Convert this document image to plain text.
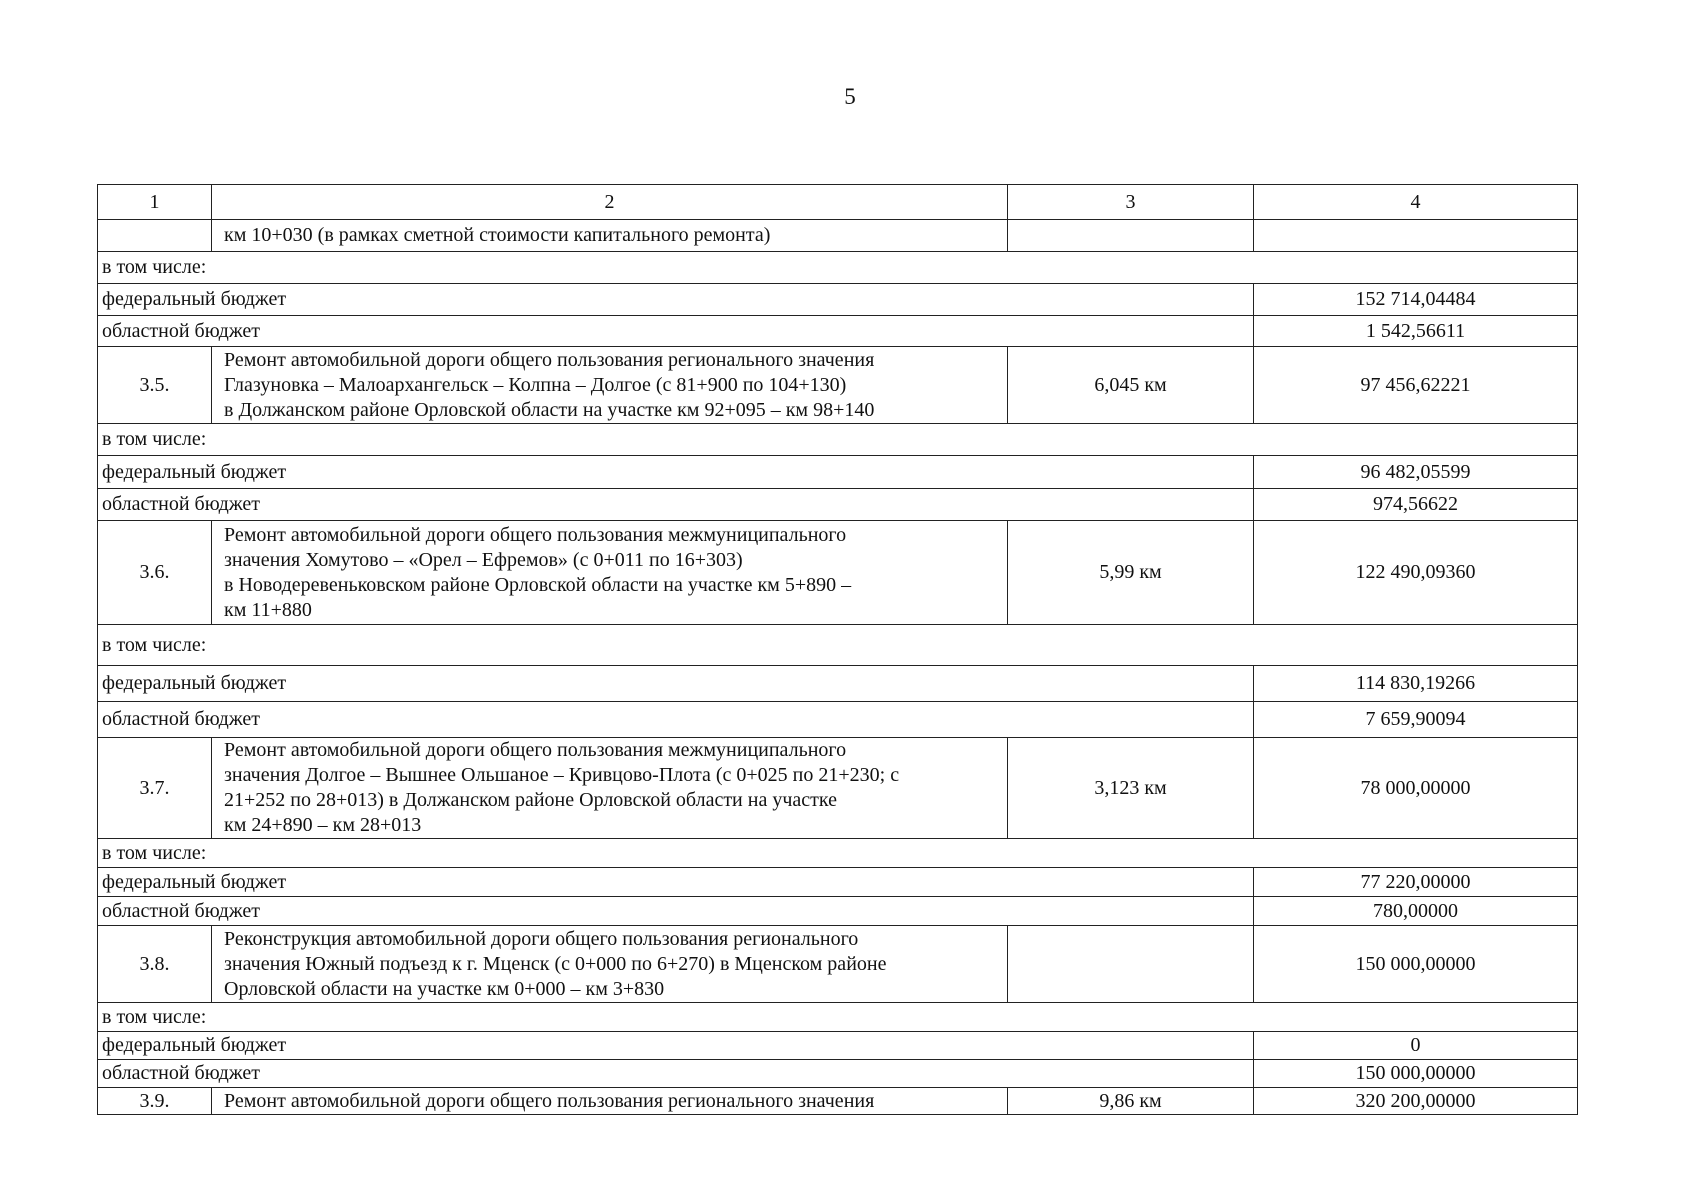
5
1	2	3	4
	км 10+030 (в рамках сметной стоимости капитального ремонта)		
в том числе:			
федеральный бюджет			152 714,04484
областной бюджет			1 542,56611
3.5.	Ремонт автомобильной дороги общего пользования регионального значения
Глазуновка – Малоархангельск – Колпна – Долгое (с 81+900 по 104+130)
в Должанском районе Орловской области на участке км 92+095 – км 98+140	6,045 км	97 456,62221
в том числе:			
федеральный бюджет			96 482,05599
областной бюджет			974,56622
3.6.	Ремонт автомобильной дороги общего пользования межмуниципального
значения Хомутово – «Орел – Ефремов» (с 0+011 по 16+303)
в Новодеревеньковском районе Орловской области на участке км 5+890 –
км 11+880	5,99 км	122 490,09360
в том числе:			
федеральный бюджет			114 830,19266
областной бюджет			7 659,90094
3.7.	Ремонт автомобильной дороги общего пользования межмуниципального
значения Долгое – Вышнее Ольшаное – Кривцово-Плота (с 0+025 по 21+230; с
21+252 по 28+013) в Должанском районе Орловской области на участке
км 24+890 – км 28+013	3,123 км	78 000,00000
в том числе:			
федеральный бюджет			77 220,00000
областной бюджет			780,00000
3.8.	Реконструкция автомобильной дороги общего пользования регионального
значения Южный подъезд к г. Мценск (с 0+000 по 6+270) в Мценском районе
Орловской области на участке км 0+000 – км 3+830		150 000,00000
в том числе:			
федеральный бюджет			0
областной бюджет			150 000,00000
3.9.	Ремонт автомобильной дороги общего пользования регионального значения	9,86 км	320 200,00000
